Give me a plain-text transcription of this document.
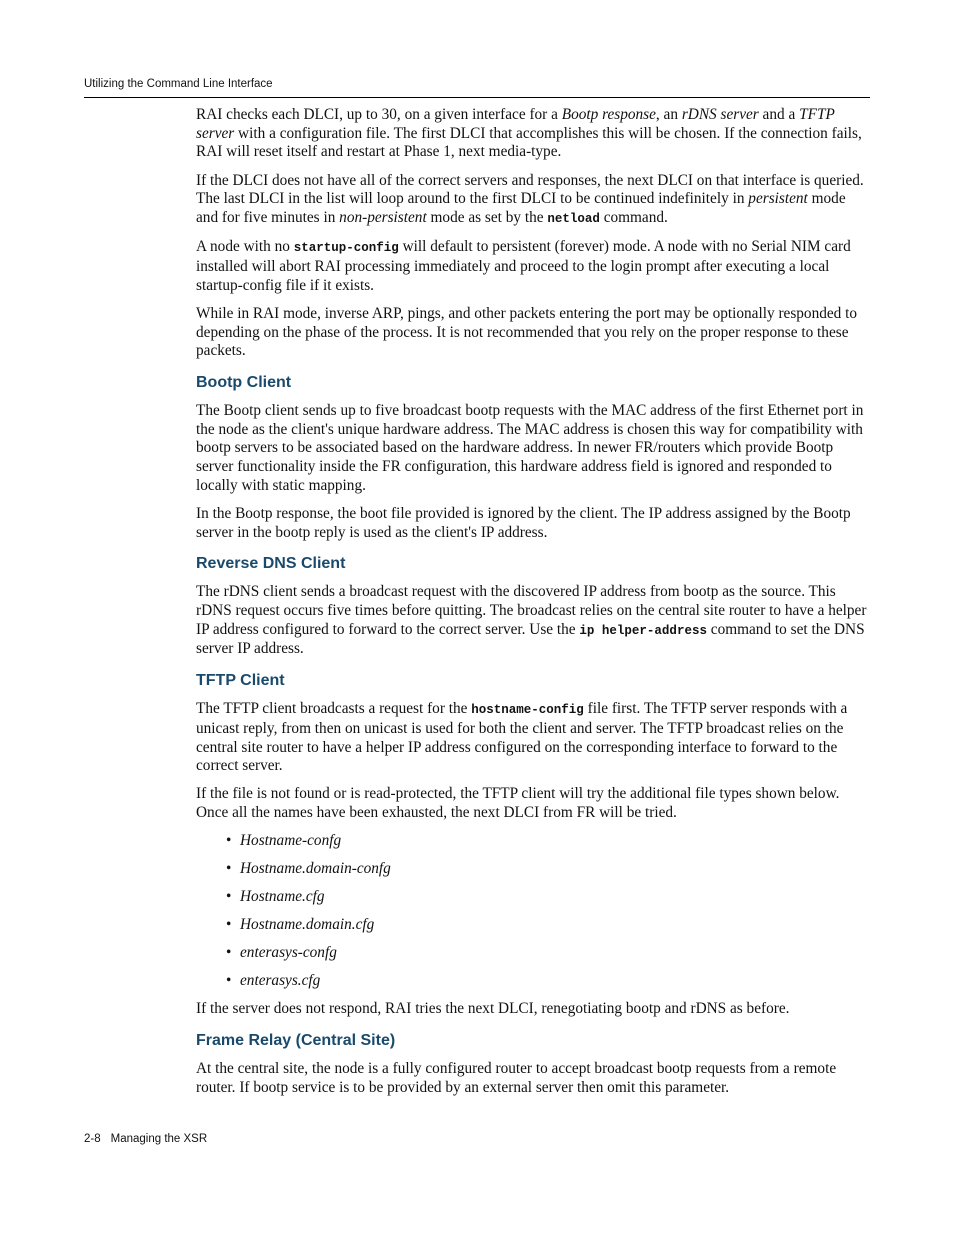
Utilizing the Command Line Interface

RAI checks each DLCI, up to 30, on a given interface for a Bootp response, an rDNS server and a TFTP server with a configuration file. The first DLCI that accomplishes this will be chosen. If the connection fails, RAI will reset itself and restart at Phase 1, next media-type.

If the DLCI does not have all of the correct servers and responses, the next DLCI on that interface is queried. The last DLCI in the list will loop around to the first DLCI to be continued indefinitely in persistent mode and for five minutes in non-persistent mode as set by the netload command.

A node with no startup-config will default to persistent (forever) mode. A node with no Serial NIM card installed will abort RAI processing immediately and proceed to the login prompt after executing a local startup-config file if it exists.

While in RAI mode, inverse ARP, pings, and other packets entering the port may be optionally responded to depending on the phase of the process. It is not recommended that you rely on the proper response to these packets.

Bootp Client

The Bootp client sends up to five broadcast bootp requests with the MAC address of the first Ethernet port in the node as the client's unique hardware address. The MAC address is chosen this way for compatibility with bootp servers to be associated based on the hardware address. In newer FR/routers which provide Bootp server functionality inside the FR configuration, this hardware address field is ignored and responded to locally with static mapping.

In the Bootp response, the boot file provided is ignored by the client. The IP address assigned by the Bootp server in the bootp reply is used as the client's IP address.

Reverse DNS Client

The rDNS client sends a broadcast request with the discovered IP address from bootp as the source. This rDNS request occurs five times before quitting. The broadcast relies on the central site router to have a helper IP address configured to forward to the correct server. Use the ip helper-address command to set the DNS server IP address.

TFTP Client

The TFTP client broadcasts a request for the hostname-config file first. The TFTP server responds with a unicast reply, from then on unicast is used for both the client and server. The TFTP broadcast relies on the central site router to have a helper IP address configured on the corresponding interface to forward to the correct server.

If the file is not found or is read-protected, the TFTP client will try the additional file types shown below. Once all the names have been exhausted, the next DLCI from FR will be tried.

• Hostname-confg
• Hostname.domain-confg
• Hostname.cfg
• Hostname.domain.cfg
• enterasys-confg
• enterasys.cfg

If the server does not respond, RAI tries the next DLCI, renegotiating bootp and rDNS as before.

Frame Relay (Central Site)

At the central site, the node is a fully configured router to accept broadcast bootp requests from a remote router. If bootp service is to be provided by an external server then omit this parameter.

2-8 Managing the XSR
